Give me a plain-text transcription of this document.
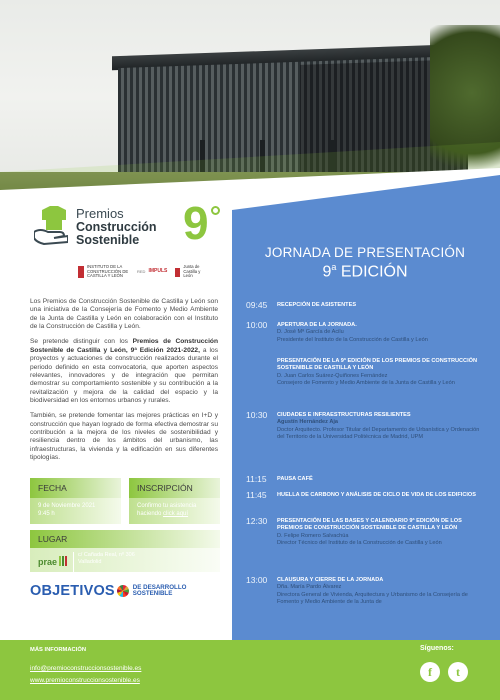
Premios
Construcción
Sostenible 9
INSTITUTO DE LA CONSTRUCCIÓN DE CASTILLA Y LEÓN
RED IMPULS
Junta de Castilla y León

Los Premios de Construcción Sostenible de Castilla y León son una iniciativa de la Consejería de Fomento y Medio Ambiente de la Junta de Castilla y León en colaboración con el Instituto de la Construcción de Castilla y León.

Se pretende distinguir con los Premios de Construcción Sostenible de Castilla y León, 9ª Edición 2021-2022, a los proyectos y actuaciones de construcción realizados durante el periodo definido en esta convocatoria, que aporten aspectos relevantes, innovadores y de integración que permitan demostrar su comportamiento sostenible y su contribución a la revitalización y mejora de la calidad del espacio y la biodiversidad en los entornos urbanos y rurales.

También, se pretende fomentar las mejores prácticas en I+D y construcción que hayan logrado de forma efectiva demostrar su contribución a la mejora de los niveles de sostenibilidad y resiliencia dentro de los ámbitos del urbanismo, las infraestructuras, la vivienda y la edificación en sus diferentes tipologías.

FECHA
9 de Noviembre 2021
9:45 h
INSCRIPCIÓN
Confirmo tu asistencia
haciendo click aquí
LUGAR
prae
c/ Cañada Real, nº 306
Valladolid
OBJETIVOS	DE DESARROLLO
SOSTENIBLE
JORNADA DE PRESENTACIÓN
9$^a$ EDICIÓN
09:45	RECEPCIÓN DE ASISTENTES
10:00	APERTURA DE LA JORNADA.
D. José Mª García de Acilu
Presidente del Instituto de la Construcción de Castilla y León
PRESENTACIÓN DE LA 9ª EDICIÓN DE LOS PREMIOS DE CONSTRUCCIÓN SOSTENIBLE DE CASTILLA Y LEÓN
D. Juan Carlos Suárez-Quiñones Fernández
Consejero de Fomento y Medio Ambiente de la Junta de Castilla y León
10:30	CIUDADES E INFRAESTRUCTURAS RESILIENTES
Agustín Hernández Aja
Doctor Arquitecto. Profesor Titular del Departamento de Urbanística y Ordenación del Territorio de la Universidad Politécnica de Madrid, UPM
11:15	PAUSA CAFÉ
11:45	HUELLA DE CARBONO Y ANÁLISIS DE CICLO DE VIDA DE LOS EDIFICIOS
12:30	PRESENTACIÓN DE LAS BASES Y CALENDARIO 9ª EDICIÓN DE LOS PREMIOS DE CONSTRUCCIÓN SOSTENIBLE DE CASTILLA Y LEÓN
D. Felipe Romero Salvachúa
Director Técnico del Instituto de la Construcción de Castilla y León
13:00	CLAUSURA Y CIERRE DE LA JORNADA
Dña. María Pardo Álvarez
Directora General de Vivienda, Arquitectura y Urbanismo de la Consejería de Fomento y Medio Ambiente de la Junta de
MÁS INFORMACIÓN
info@premioconstruccionsostenible.es
www.premioconstruccionsostenible.es
Síguenos:
f	t
